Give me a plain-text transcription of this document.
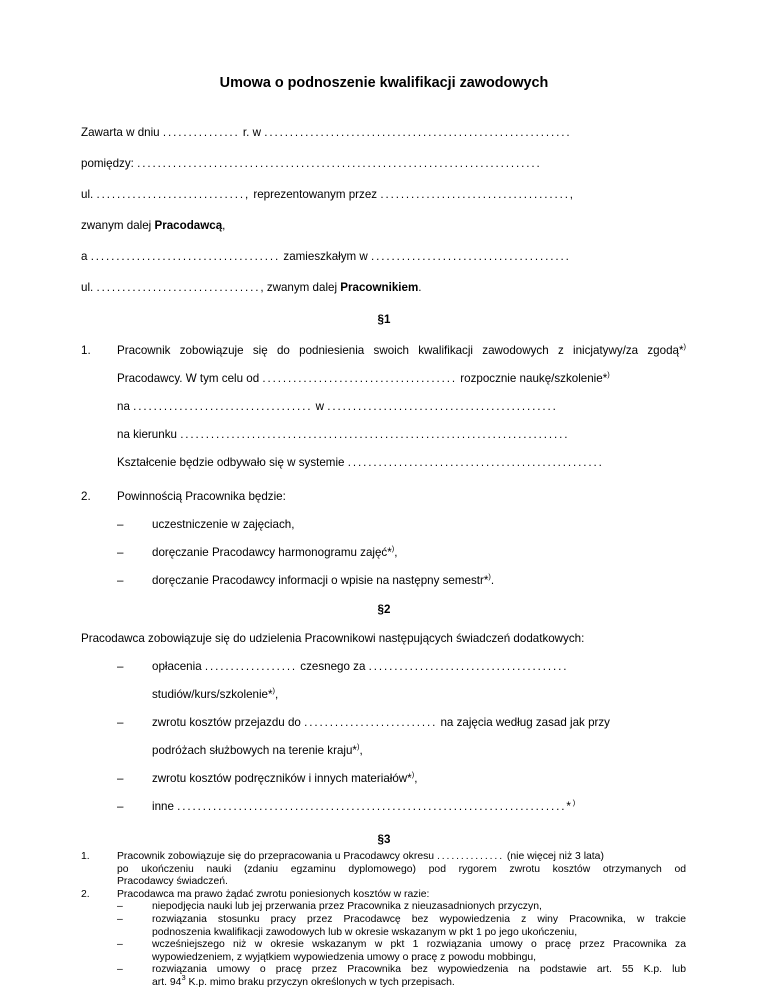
Umowa o podnoszenie kwalifikacji zawodowych
Zawarta w dniu ............... r. w ............................................................
pomiędzy: ...............................................................................
ul. ............................., reprezentowanym przez .....................................,
zwanym dalej Pracodawcą,
a ..................................... zamieszkałym w .......................................
ul. ................................, zwanym dalej Pracownikiem.
§1
1. Pracownik zobowiązuje się do podniesienia swoich kwalifikacji zawodowych z inicjatywy/za zgodą*)
Pracodawcy. W tym celu od ...................................... rozpocznie naukę/szkolenie*)
na ................................... w .............................................
na kierunku ............................................................................
Kształcenie będzie odbywało się w systemie ..................................................
2. Powinnością Pracownika będzie:
– uczestniczenie w zajęciach,
– doręczanie Pracodawcy harmonogramu zajęć*),
– doręczanie Pracodawcy informacji o wpisie na następny semestr*).
§2
Pracodawca zobowiązuje się do udzielenia Pracownikowi następujących świadczeń dodatkowych:
– opłacenia .................. czesnego za .......................................
studiów/kurs/szkolenie*),
– zwrotu kosztów przejazdu do .......................... na zajęcia według zasad jak przy
podróżach służbowych na terenie kraju*),
– zwrotu kosztów podręczników i innych materiałów*),
– inne ............................................................................*)
§3
1.	Pracownik zobowiązuje się do przepracowania u Pracodawcy okresu .............. (nie więcej niż 3 lata)
po ukończeniu nauki (zdaniu egzaminu dyplomowego) pod rygorem zwrotu kosztów otrzymanych od
Pracodawcy świadczeń.
2.	Pracodawca ma prawo żądać zwrotu poniesionych kosztów w razie:
–	niepodjęcia nauki lub jej przerwania przez Pracownika z nieuzasadnionych przyczyn,
–	rozwiązania stosunku pracy przez Pracodawcę bez wypowiedzenia z winy Pracownika, w trakcie
podnoszenia kwalifikacji zawodowych lub w okresie wskazanym w pkt 1 po jego ukończeniu,
–	wcześniejszego niż w okresie wskazanym w pkt 1 rozwiązania umowy o pracę przez Pracownika za
wypowiedzeniem, z wyjątkiem wypowiedzenia umowy o pracę z powodu mobbingu,
–	rozwiązania umowy o pracę przez Pracownika bez wypowiedzenia na podstawie art. 55 K.p. lub
art. $94^3$ K.p. mimo braku przyczyn określonych w tych przepisach.
